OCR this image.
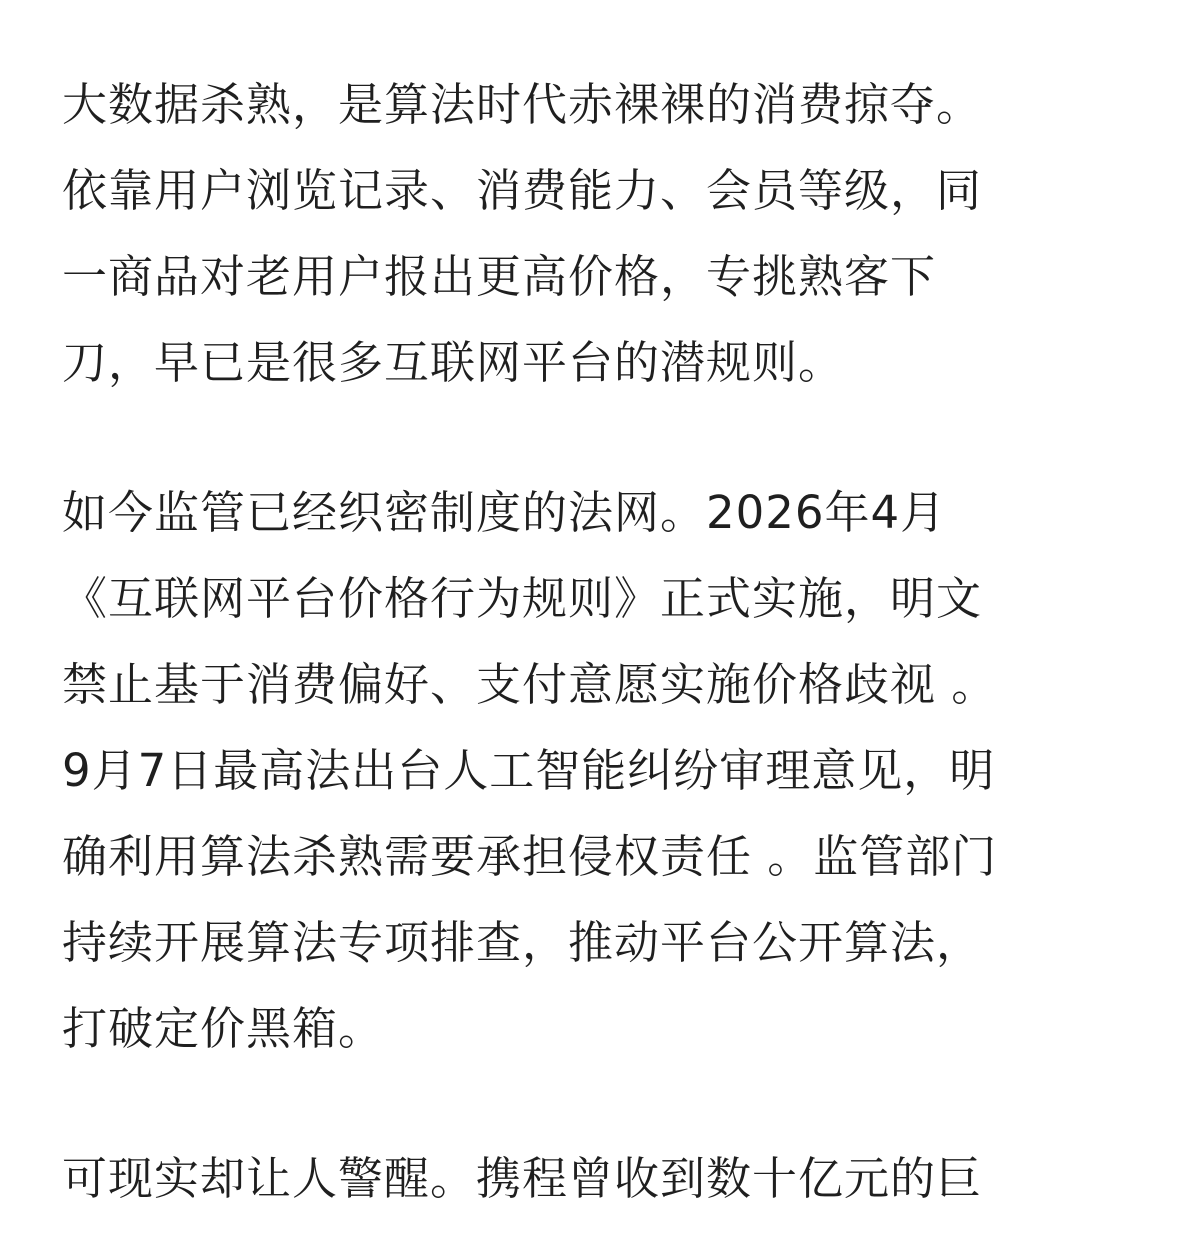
大数据杀熟，是算法时代赤裸裸的消费掠夺。
依靠用户浏览记录、消费能力、会员等级，同
一商品对老用户报出更高价格，专挑熟客下
刀，早已是很多互联网平台的潜规则。
如今监管已经织密制度的法网。2026年4月
《互联网平台价格行为规则》正式实施，明文
禁止基于消费偏好、支付意愿实施价格歧视 。
9月7日最高法出台人工智能纠纷审理意见，明
确利用算法杀熟需要承担侵权责任 。监管部门
持续开展算法专项排查，推动平台公开算法，
打破定价黑箱。
可现实却让人警醒。携程曾收到数十亿元的巨
